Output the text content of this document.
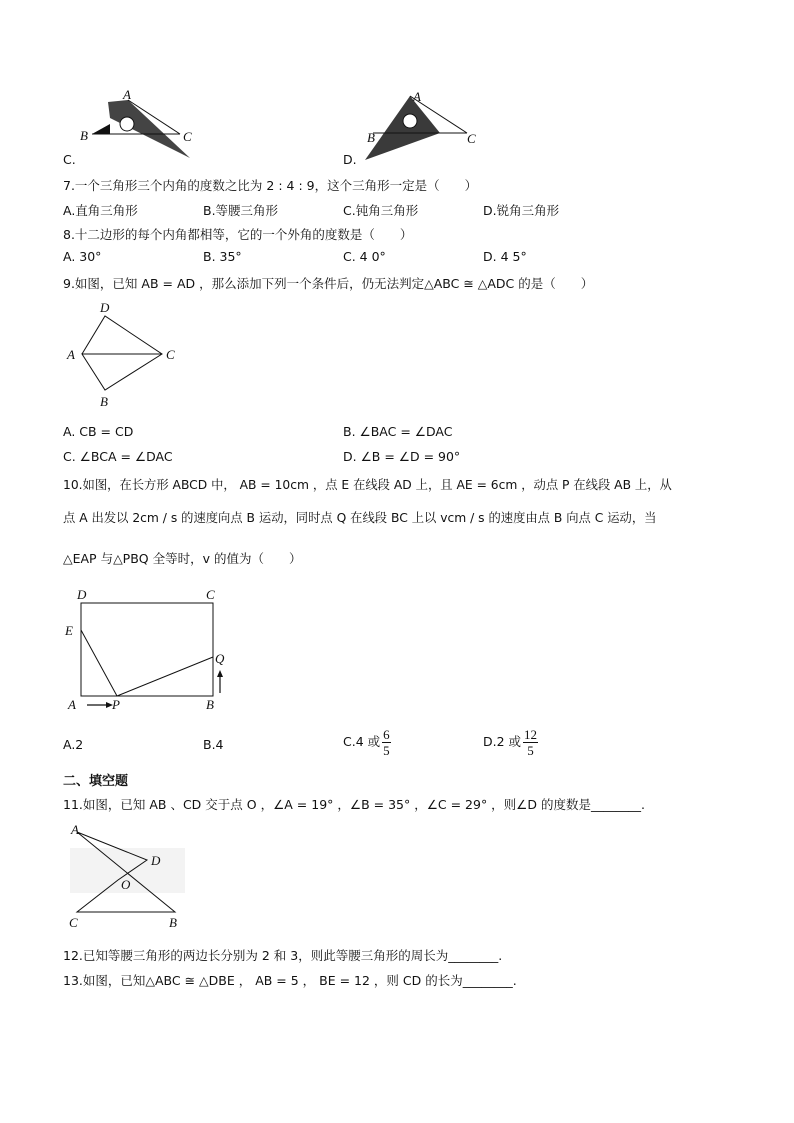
A
B	C
C.
A
B	C
D.
7.一个三角形三个内角的度数之比为 2 : 4 : 9，这个三角形一定是（　　）
A.直角三角形	B.等腰三角形	C.钝角三角形	D.锐角三角形
8.十二边形的每个内角都相等，它的一个外角的度数是（　　）
A. 30°	B. 35°	C. 4 0°	D. 4 5°
9.如图，已知 AB = AD ，那么添加下列一个条件后，仍无法判定△ABC ≅ △ADC 的是（　　）
D
A	C
B
A. CB = CD	B. ∠BAC = ∠DAC
C. ∠BCA = ∠DAC	D. ∠B = ∠D = 90°
10.如图，在长方形 ABCD 中， AB = 10cm ，点 E 在线段 AD 上，且 AE = 6cm ，动点 P 在线段 AB 上，从
点 A 出发以 2cm / s 的速度向点 B 运动，同时点 Q 在线段 BC 上以 vcm / s 的速度由点 B 向点 C 运动，当
△EAP 与△PBQ 全等时，v 的值为（　　）
D	C
E
Q
A	P	B
A.2	B.4	C.4 或 $\frac{6}{5}$	D.2 或 $\frac{12}{5}$
二、填空题
11.如图，已知 AB 、CD 交于点 O ，∠A = 19° ，∠B = 35° ，∠C = 29° ，则∠D 的度数是________.
A
D
O
C	B
12.已知等腰三角形的两边长分别为 2 和 3，则此等腰三角形的周长为________.
13.如图，已知△ABC ≅ △DBE ， AB = 5 ， BE = 12 ，则 CD 的长为________.
